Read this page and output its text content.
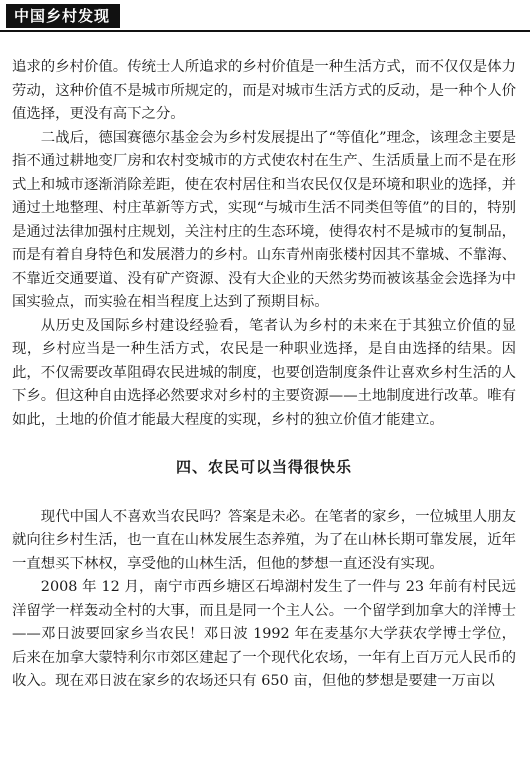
中国乡村发现

追求的乡村价值。传统士人所追求的乡村价值是一种生活方式，而不仅仅是体力劳动，这种价值不是城市所规定的，而是对城市生活方式的反动，是一种个人价值选择，更没有高下之分。

二战后，德国赛德尔基金会为乡村发展提出了“等值化”理念，该理念主要是指不通过耕地变厂房和农村变城市的方式使农村在生产、生活质量上而不是在形式上和城市逐渐消除差距，使在农村居住和当农民仅仅是环境和职业的选择，并通过土地整理、村庄革新等方式，实现“与城市生活不同类但等值”的目的，特别是通过法律加强村庄规划，关注村庄的生态环境，使得农村不是城市的复制品，而是有着自身特色和发展潜力的乡村。山东青州南张楼村因其不靠城、不靠海、不靠近交通要道、没有矿产资源、没有大企业的天然劣势而被该基金会选择为中国实验点，而实验在相当程度上达到了预期目标。

从历史及国际乡村建设经验看，笔者认为乡村的未来在于其独立价值的显现，乡村应当是一种生活方式，农民是一种职业选择，是自由选择的结果。因此，不仅需要改革阻碍农民进城的制度，也要创造制度条件让喜欢乡村生活的人下乡。但这种自由选择必然要求对乡村的主要资源——土地制度进行改革。唯有如此，土地的价值才能最大程度的实现，乡村的独立价值才能建立。

四、农民可以当得很快乐

现代中国人不喜欢当农民吗？答案是未必。在笔者的家乡，一位城里人朋友就向往乡村生活，也一直在山林发展生态养殖，为了在山林长期可靠发展，近年一直想买下林权，享受他的山林生活，但他的梦想一直还没有实现。

2008 年 12 月，南宁市西乡塘区石埠湖村发生了一件与 23 年前有村民远洋留学一样轰动全村的大事，而且是同一个主人公。一个留学到加拿大的洋博士——邓日波要回家乡当农民！邓日波 1992 年在麦基尔大学获农学博士学位，后来在加拿大蒙特利尔市郊区建起了一个现代化农场，一年有上百万元人民币的收入。现在邓日波在家乡的农场还只有 650 亩，但他的梦想是要建一万亩以
